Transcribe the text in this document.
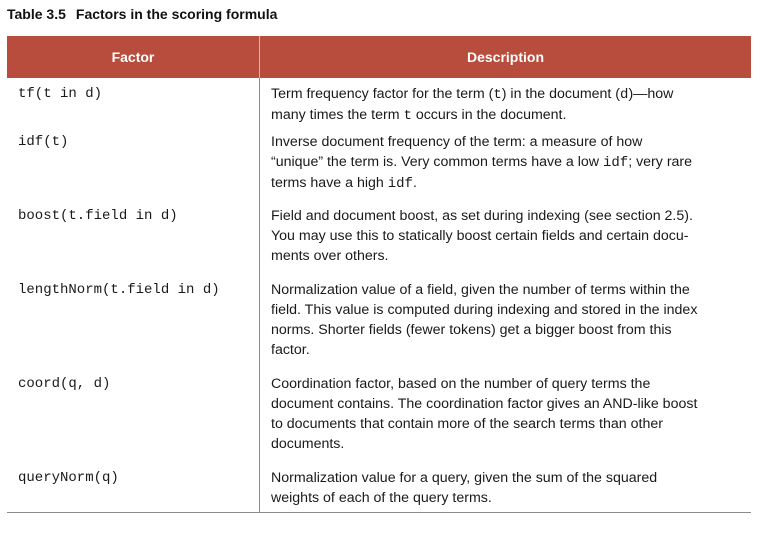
Table 3.5 Factors in the scoring formula
Factor	Description
tf(t in d)	Term frequency factor for the term (t) in the document (d)—how
many times the term t occurs in the document.

idf(t)	Inverse document frequency of the term: a measure of how
“unique” the term is. Very common terms have a low idf; very rare
terms have a high idf.

boost(t.field in d)	Field and document boost, as set during indexing (see section 2.5).
You may use this to statically boost certain fields and certain docu-
ments over others.

lengthNorm(t.field in d)	Normalization value of a field, given the number of terms within the
field. This value is computed during indexing and stored in the index
norms. Shorter fields (fewer tokens) get a bigger boost from this
factor.

coord(q, d)	Coordination factor, based on the number of query terms the
document contains. The coordination factor gives an AND-like boost
to documents that contain more of the search terms than other
documents.

queryNorm(q)	Normalization value for a query, given the sum of the squared
weights of each of the query terms.
